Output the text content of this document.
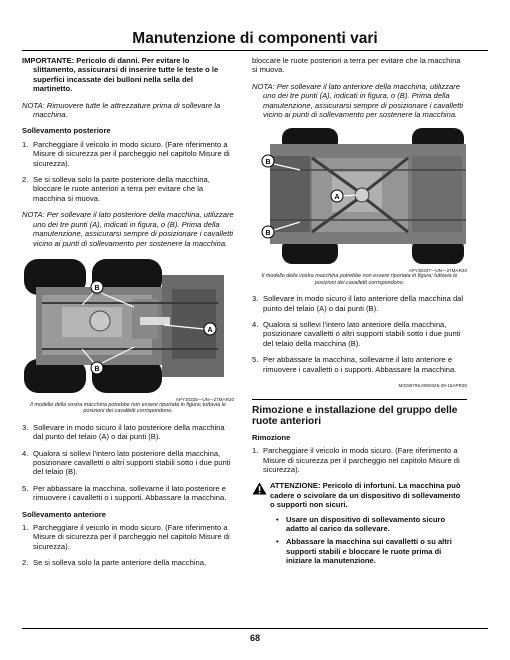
Manutenzione di componenti vari
IMPORTANTE: Pericolo di danni. Per evitare lo slittamento, assicurarsi di inserire tutte le teste o le superfici incassate dei bulloni nella sella del martinetto.
NOTA: Rimuovere tutte le attrezzature prima di sollevare la macchina.
Sollevamento posteriore
1. Parcheggiare il veicolo in modo sicuro. (Fare riferimento a Misure di sicurezza per il parcheggio nel capitolo Misure di sicurezza).
2. Se si solleva solo la parte posteriore della macchina, bloccare le ruote anteriori a terra per evitare che la macchina si muova.
NOTA: Per sollevare il lato posteriore della macchina, utilizzare uno dei tre punti (A), indicati in figura, o (B). Prima della manutenzione, assicurarsi sempre di posizionare i cavalletti vicino ai punti di sollevamento per sostenere la macchina.
B
B
A
APY30335—UN—27MAR20
Il modello della vostra macchina potrebbe non essere riportata in figura; tuttavia le posizioni dei cavalletti corrispondono.
3. Sollevare in modo sicuro il lato posteriore della macchina dal punto del telaio (A) o dai punti (B).
4. Qualora si sollevi l'intero lato posteriore della macchina, posizionare cavalletti o altri supporti stabili sotto i due punti del telaio (B).
5. Per abbassare la macchina, sollevarne il lato posteriore e rimuovere i cavalletti o i supporti. Abbassare la macchina.
Sollevamento anteriore
1. Parcheggiare il veicolo in modo sicuro. (Fare riferimento a Misure di sicurezza per il parcheggio nel capitolo Misure di sicurezza).
2. Se si solleva solo la parte anteriore della macchina,
bloccare le ruote posteriori a terra per evitare che la macchina si muova.
NOTA: Per sollevare il lato anteriore della macchina, utilizzare uno dei tre punti (A), indicati in figura, o (B). Prima della manutenzione, assicurarsi sempre di posizionare i cavalletti vicino ai punti di sollevamento per sostenere la macchina.
B
B
A
APY30337—UN—27MAR20
Il modello della vostra macchina potrebbe non essere riportata in figura; tuttavia le posizioni dei cavalletti corrispondono.
3. Sollevare in modo sicuro il lato anteriore della macchina dal punto del telaio (A) o dai punti (B).
4. Qualora si sollevi l'intero lato anteriore della macchina, posizionare cavalletti o altri supporti stabili sotto i due punti del telaio della macchina (B).
5. Per abbassare la macchina, sollevarne il lato anteriore e rimuovere i cavalletti o i supporti. Abbassare la macchina.
MIG59795,0000325-39-15APR20
Rimozione e installazione del gruppo delle ruote anteriori
Rimozione
1. Parcheggiare il veicolo in modo sicuro. (Fare riferimento a Misure di sicurezza per il parcheggio nel capitolo Misure di sicurezza).
ATTENZIONE: Pericolo di infortuni. La macchina può cadere o scivolare da un dispositivo di sollevamento o supporti non sicuri.
• Usare un dispositivo di sollevamento sicuro adatto al carico da sollevare.
• Abbassare la macchina sui cavalletti o su altri supporti stabili e bloccare le ruote prima di iniziare la manutenzione.
68
